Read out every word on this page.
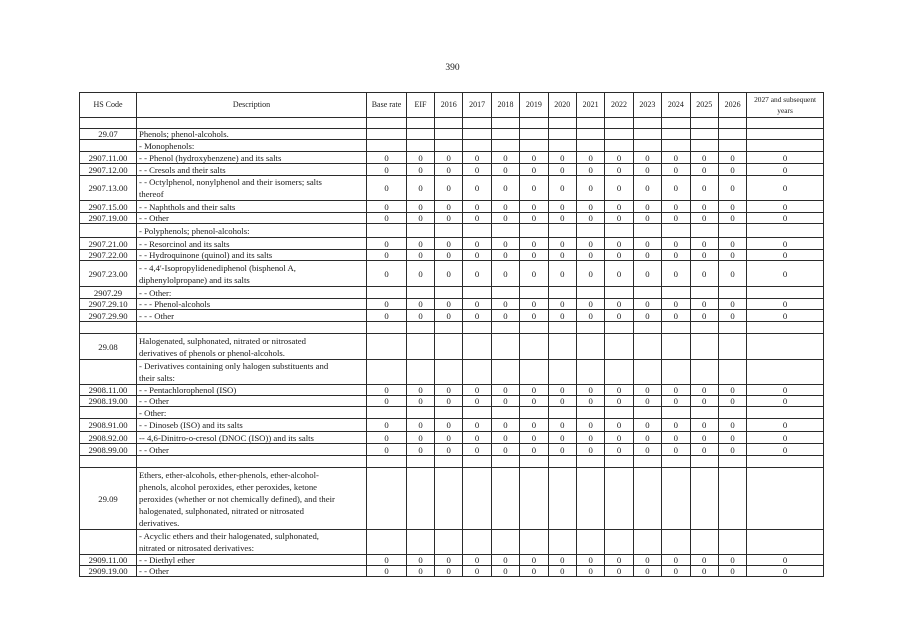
390
HS Code	Description	Base rate	EIF	2016	2017	2018	2019	2020	2021	2022	2023	2024	2025	2026	2027 and subsequent years

29.07	Phenols; phenol-alcohols.														

	- Monophenols:														

2907.11.00	- - Phenol (hydroxybenzene) and its salts	0	0	0	0	0	0	0	0	0	0	0	0	0	0
2907.12.00	- - Cresols and their salts	0	0	0	0	0	0	0	0	0	0	0	0	0	0
2907.13.00	- - Octylphenol, nonylphenol and their isomers; salts
thereof	0	0	0	0	0	0	0	0	0	0	0	0	0	0
2907.15.00	- - Naphthols and their salts	0	0	0	0	0	0	0	0	0	0	0	0	0	0
2907.19.00	- - Other	0	0	0	0	0	0	0	0	0	0	0	0	0	0

	- Polyphenols; phenol-alcohols:														

2907.21.00	- - Resorcinol and its salts	0	0	0	0	0	0	0	0	0	0	0	0	0	0
2907.22.00	- - Hydroquinone (quinol) and its salts	0	0	0	0	0	0	0	0	0	0	0	0	0	0
2907.23.00	- - 4,4'-Isopropylidenediphenol (bisphenol A,
diphenylolpropane) and its salts	0	0	0	0	0	0	0	0	0	0	0	0	0	0
2907.29	- - Other:														

2907.29.10	- - - Phenol-alcohols	0	0	0	0	0	0	0	0	0	0	0	0	0	0
2907.29.90	- - - Other	0	0	0	0	0	0	0	0	0	0	0	0	0	0

29.08	Halogenated, sulphonated, nitrated or nitrosated
derivatives of phenols or phenol-alcohols.														

	- Derivatives containing only halogen substituents and
their salts:														

2908.11.00	- - Pentachlorophenol (ISO)	0	0	0	0	0	0	0	0	0	0	0	0	0	0
2908.19.00	- - Other	0	0	0	0	0	0	0	0	0	0	0	0	0	0

	- Other:														

2908.91.00	- - Dinoseb (ISO) and its salts	0	0	0	0	0	0	0	0	0	0	0	0	0	0
2908.92.00	-- 4,6-Dinitro-o-cresol (DNOC (ISO)) and its salts	0	0	0	0	0	0	0	0	0	0	0	0	0	0
2908.99.00	- - Other	0	0	0	0	0	0	0	0	0	0	0	0	0	0

29.09	Ethers, ether-alcohols, ether-phenols, ether-alcohol-
phenols, alcohol peroxides, ether peroxides, ketone
peroxides (whether or not chemically defined), and their
halogenated, sulphonated, nitrated or nitrosated
derivatives.														

	- Acyclic ethers and their halogenated, sulphonated,
nitrated or nitrosated derivatives:														

2909.11.00	- - Diethyl ether	0	0	0	0	0	0	0	0	0	0	0	0	0	0
2909.19.00	- - Other	0	0	0	0	0	0	0	0	0	0	0	0	0	0
